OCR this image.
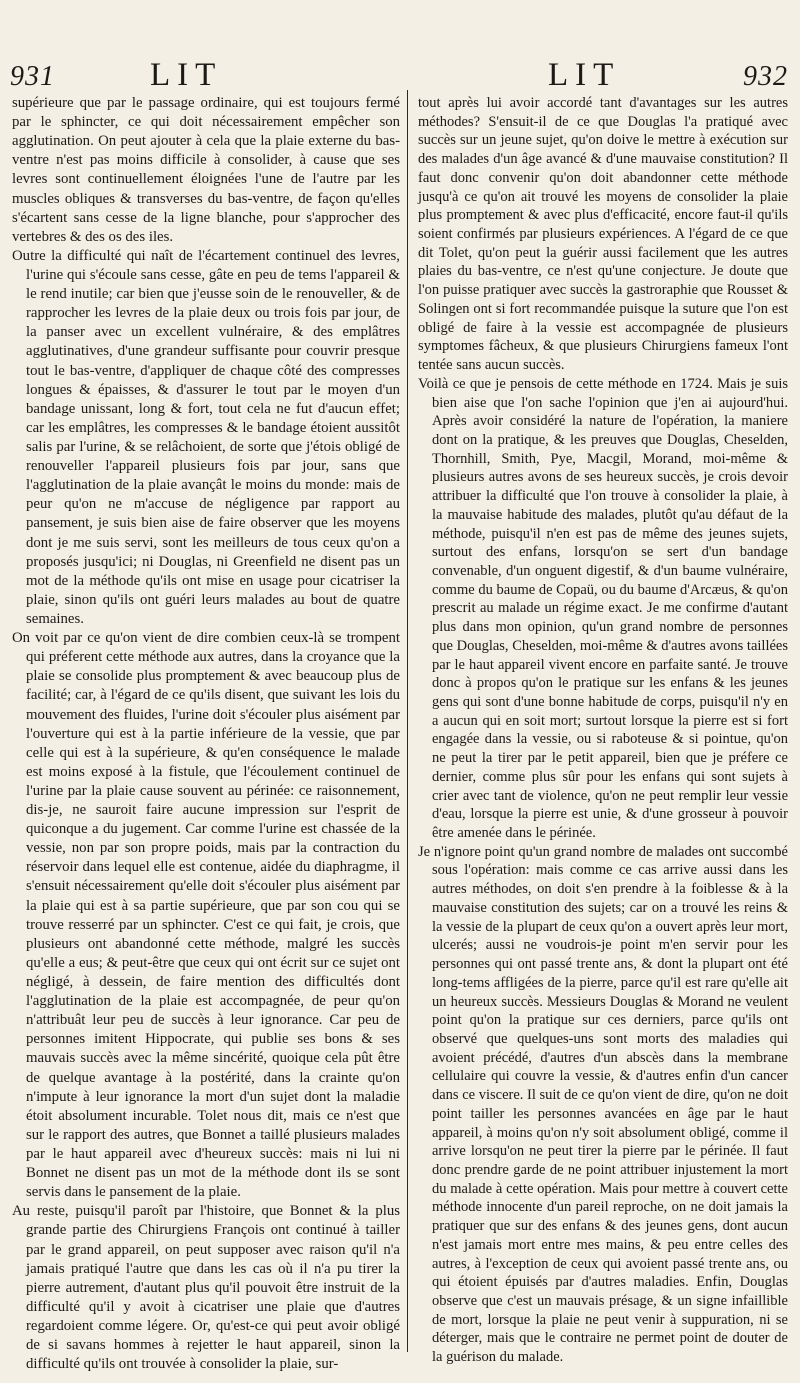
931	LIT	LIT	932

supérieure que par le passage ordinaire, qui est toujours fermé par le sphincter, ce qui doit nécessairement empêcher son agglutination. On peut ajouter à cela que la plaie externe du bas-ventre n'est pas moins difficile à consolider, à cause que ses levres sont continuellement éloignées l'une de l'autre par les muscles obliques & transverses du bas-ventre, de façon qu'elles s'écartent sans cesse de la ligne blanche, pour s'approcher des vertebres & des os des iles.

Outre la difficulté qui naît de l'écartement continuel des levres, l'urine qui s'écoule sans cesse, gâte en peu de tems l'appareil & le rend inutile; car bien que j'eusse soin de le renouveller, & de rapprocher les levres de la plaie deux ou trois fois par jour, de la panser avec un excellent vulnéraire, & des emplâtres agglutinatives, d'une grandeur suffisante pour couvrir presque tout le bas-ventre, d'appliquer de chaque côté des compresses longues & épaisses, & d'assurer le tout par le moyen d'un bandage unissant, long & fort, tout cela ne fut d'aucun effet; car les emplâtres, les compresses & le bandage étoient aussitôt salis par l'urine, & se relâchoient, de sorte que j'étois obligé de renouveller l'appareil plusieurs fois par jour, sans que l'agglutination de la plaie avançât le moins du monde: mais de peur qu'on ne m'accuse de négligence par rapport au pansement, je suis bien aise de faire observer que les moyens dont je me suis servi, sont les meilleurs de tous ceux qu'on a proposés jusqu'ici; ni Douglas, ni Greenfield ne disent pas un mot de la méthode qu'ils ont mise en usage pour cicatriser la plaie, sinon qu'ils ont guéri leurs malades au bout de quatre semaines.

On voit par ce qu'on vient de dire combien ceux-là se trompent qui préferent cette méthode aux autres, dans la croyance que la plaie se consolide plus promptement & avec beaucoup plus de facilité; car, à l'égard de ce qu'ils disent, que suivant les lois du mouvement des fluides, l'urine doit s'écouler plus aisément par l'ouverture qui est à la partie inférieure de la vessie, que par celle qui est à la supérieure, & qu'en conséquence le malade est moins exposé à la fistule, que l'écoulement continuel de l'urine par la plaie cause souvent au périnée: ce raisonnement, dis-je, ne sauroit faire aucune impression sur l'esprit de quiconque a du jugement. Car comme l'urine est chassée de la vessie, non par son propre poids, mais par la contraction du réservoir dans lequel elle est contenue, aidée du diaphragme, il s'ensuit nécessairement qu'elle doit s'écouler plus aisément par la plaie qui est à sa partie supérieure, que par son cou qui se trouve resserré par un sphincter. C'est ce qui fait, je crois, que plusieurs ont abandonné cette méthode, malgré les succès qu'elle a eus; & peut-être que ceux qui ont écrit sur ce sujet ont négligé, à dessein, de faire mention des difficultés dont l'agglutination de la plaie est accompagnée, de peur qu'on n'attribuât leur peu de succès à leur ignorance. Car peu de personnes imitent Hippocrate, qui publie ses bons & ses mauvais succès avec la même sincérité, quoique cela pût être de quelque avantage à la postérité, dans la crainte qu'on n'impute à leur ignorance la mort d'un sujet dont la maladie étoit absolument incurable. Tolet nous dit, mais ce n'est que sur le rapport des autres, que Bonnet a taillé plusieurs malades par le haut appareil avec d'heureux succès: mais ni lui ni Bonnet ne disent pas un mot de la méthode dont ils se sont servis dans le pansement de la plaie.

Au reste, puisqu'il paroît par l'histoire, que Bonnet & la plus grande partie des Chirurgiens François ont continué à tailler par le grand appareil, on peut supposer avec raison qu'il n'a jamais pratiqué l'autre que dans les cas où il n'a pu tirer la pierre autrement, d'autant plus qu'il pouvoit être instruit de la difficulté qu'il y avoit à cicatriser une plaie que d'autres regardoient comme légere. Or, qu'est-ce qui peut avoir obligé de si savans hommes à rejetter le haut appareil, sinon la difficulté qu'ils ont trouvée à consolider la plaie, sur-

tout après lui avoir accordé tant d'avantages sur les autres méthodes? S'ensuit-il de ce que Douglas l'a pratiqué avec succès sur un jeune sujet, qu'on doive le mettre à exécution sur des malades d'un âge avancé & d'une mauvaise constitution? Il faut donc convenir qu'on doit abandonner cette méthode jusqu'à ce qu'on ait trouvé les moyens de consolider la plaie plus promptement & avec plus d'efficacité, encore faut-il qu'ils soient confirmés par plusieurs expériences. A l'égard de ce que dit Tolet, qu'on peut la guérir aussi facilement que les autres plaies du bas-ventre, ce n'est qu'une conjecture. Je doute que l'on puisse pratiquer avec succès la gastroraphie que Rousset & Solingen ont si fort recommandée puisque la suture que l'on est obligé de faire à la vessie est accompagnée de plusieurs symptomes fâcheux, & que plusieurs Chirurgiens fameux l'ont tentée sans aucun succès.

Voilà ce que je pensois de cette méthode en 1724. Mais je suis bien aise que l'on sache l'opinion que j'en ai aujourd'hui. Après avoir considéré la nature de l'opération, la maniere dont on la pratique, & les preuves que Douglas, Cheselden, Thornhill, Smith, Pye, Macgil, Morand, moi-même & plusieurs autres avons de ses heureux succès, je crois devoir attribuer la difficulté que l'on trouve à consolider la plaie, à la mauvaise habitude des malades, plutôt qu'au défaut de la méthode, puisqu'il n'en est pas de même des jeunes sujets, surtout des enfans, lorsqu'on se sert d'un bandage convenable, d'un onguent digestif, & d'un baume vulnéraire, comme du baume de Copaü, ou du baume d'Arcæus, & qu'on prescrit au malade un régime exact. Je me confirme d'autant plus dans mon opinion, qu'un grand nombre de personnes que Douglas, Cheselden, moi-même & d'autres avons taillées par le haut appareil vivent encore en parfaite santé. Je trouve donc à propos qu'on le pratique sur les enfans & les jeunes gens qui sont d'une bonne habitude de corps, puisqu'il n'y en a aucun qui en soit mort; surtout lorsque la pierre est si fort engagée dans la vessie, ou si raboteuse & si pointue, qu'on ne peut la tirer par le petit appareil, bien que je préfere ce dernier, comme plus sûr pour les enfans qui sont sujets à crier avec tant de violence, qu'on ne peut remplir leur vessie d'eau, lorsque la pierre est unie, & d'une grosseur à pouvoir être amenée dans le périnée.

Je n'ignore point qu'un grand nombre de malades ont succombé sous l'opération: mais comme ce cas arrive aussi dans les autres méthodes, on doit s'en prendre à la foiblesse & à la mauvaise constitution des sujets; car on a trouvé les reins & la vessie de la plupart de ceux qu'on a ouvert après leur mort, ulcerés; aussi ne voudrois-je point m'en servir pour les personnes qui ont passé trente ans, & dont la plupart ont été long-tems affligées de la pierre, parce qu'il est rare qu'elle ait un heureux succès. Messieurs Douglas & Morand ne veulent point qu'on la pratique sur ces derniers, parce qu'ils ont observé que quelques-uns sont morts des maladies qui avoient précédé, d'autres d'un abscès dans la membrane cellulaire qui couvre la vessie, & d'autres enfin d'un cancer dans ce viscere. Il suit de ce qu'on vient de dire, qu'on ne doit point tailler les personnes avancées en âge par le haut appareil, à moins qu'on n'y soit absolument obligé, comme il arrive lorsqu'on ne peut tirer la pierre par le périnée. Il faut donc prendre garde de ne point attribuer injustement la mort du malade à cette opération. Mais pour mettre à couvert cette méthode innocente d'un pareil reproche, on ne doit jamais la pratiquer que sur des enfans & des jeunes gens, dont aucun n'est jamais mort entre mes mains, & peu entre celles des autres, à l'exception de ceux qui avoient passé trente ans, ou qui étoient épuisés par d'autres maladies. Enfin, Douglas observe que c'est un mauvais présage, & un signe infaillible de mort, lorsque la plaie ne peut venir à suppuration, ni se déterger, mais que le contraire ne permet point de douter de la guérison du malade.
